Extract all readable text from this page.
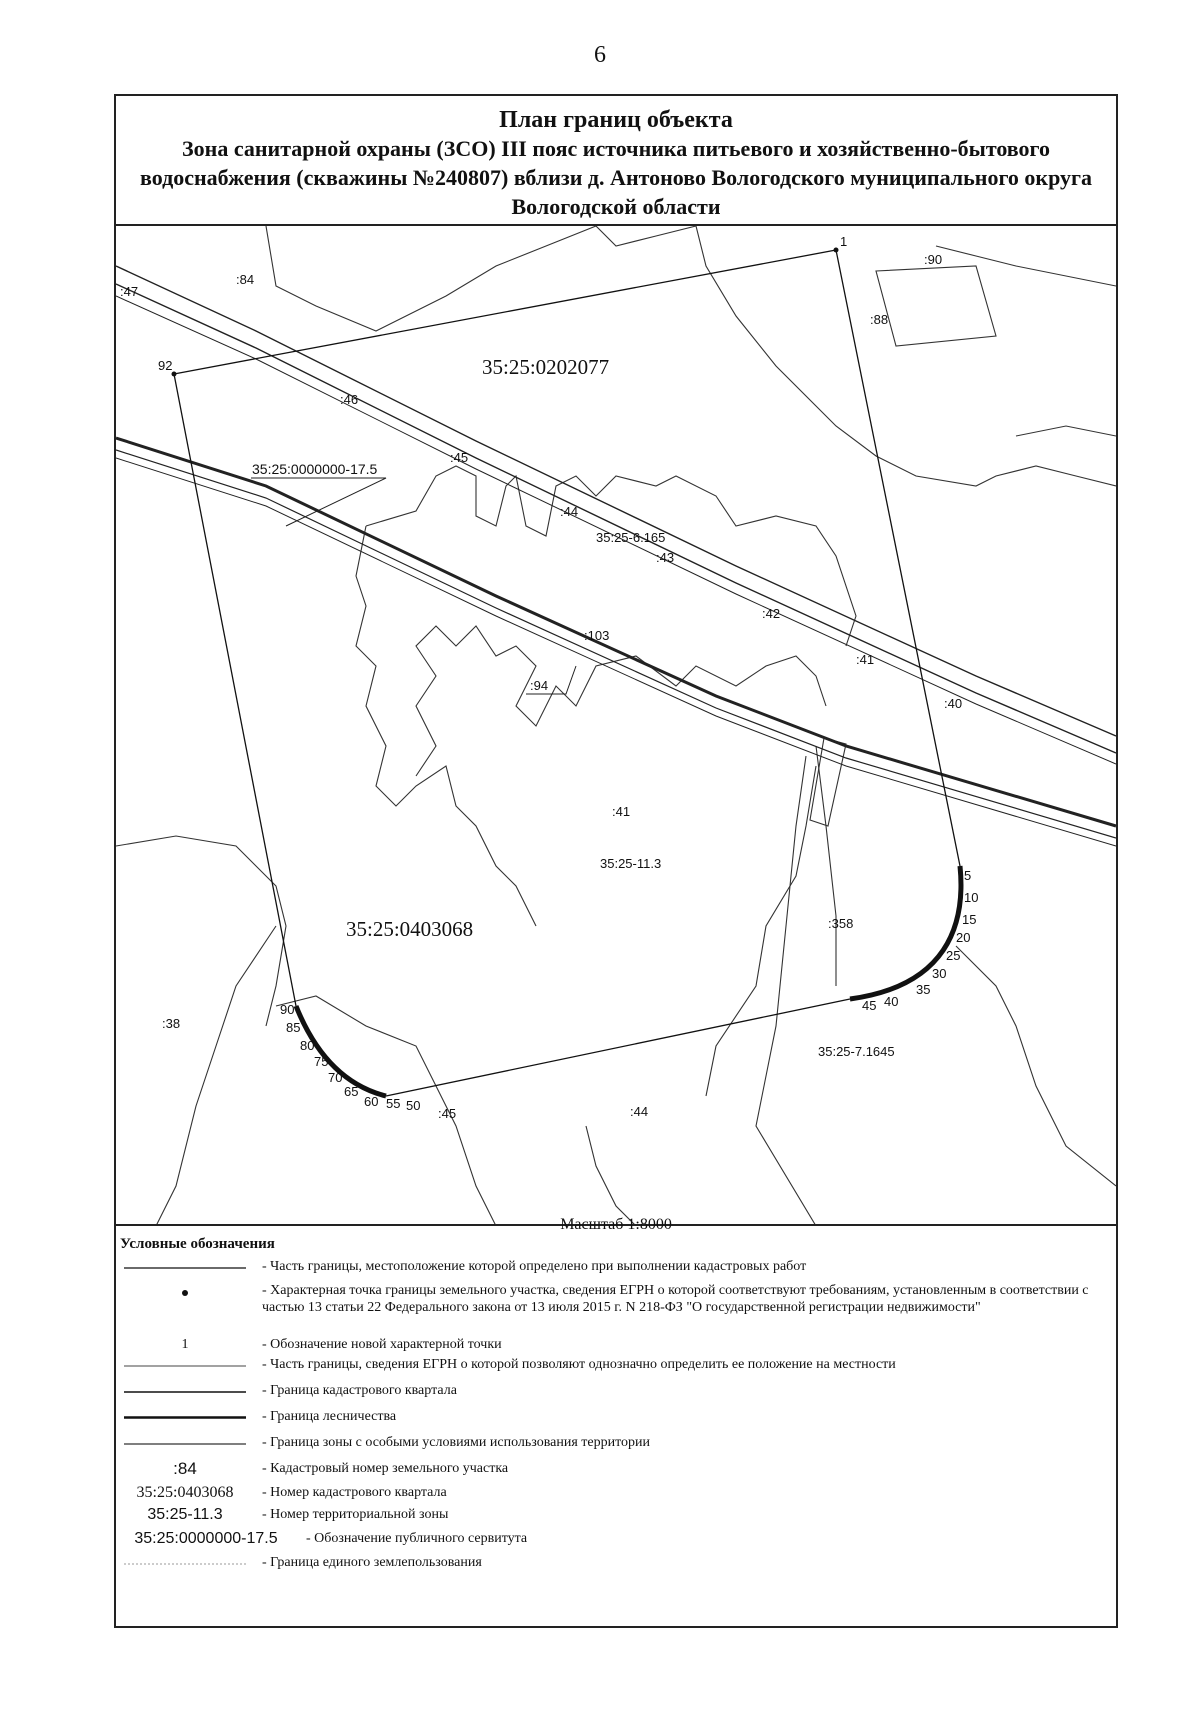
6
План границ объекта
Зона санитарной охраны (ЗСО) III пояс источника питьевого и хозяйственно-бытового водоснабжения (скважины №240807) вблизи д. Антоново Вологодского муниципального округа Вологодской области
:84
:47
:90
:88
:46
:45
:44
:43
:42
:41
:40
:103
:94
:41
:358
:38
:45	:44
35:25:0202077
35:25:0403068
35:25-6.165
35:25-11.3
35:25-7.1645
35:25:0000000-17.5
1
92
5
10
15
20
25
30
35
40
45
50
55
60
65
70
75
80
85
90
Масштаб 1:8000
Условные обозначения
- Часть границы, местоположение которой определено при выполнении кадастровых работ
- Характерная точка границы земельного участка, сведения ЕГРН о которой соответствуют требованиям, установленным в соответствии с частью 13 статьи 22 Федерального закона от 13 июля 2015 г. N 218-ФЗ "О государственной регистрации недвижимости"
1	- Обозначение новой характерной точки
- Часть границы, сведения ЕГРН о которой позволяют однозначно определить ее положение на местности
- Граница кадастрового квартала
- Граница лесничества
- Граница зоны с особыми условиями использования территории
:84	- Кадастровый номер земельного участка
35:25:0403068	- Номер кадастрового квартала
35:25-11.3	- Номер территориальной зоны
35:25:0000000-17.5	- Обозначение публичного сервитута
- Граница единого землепользования
